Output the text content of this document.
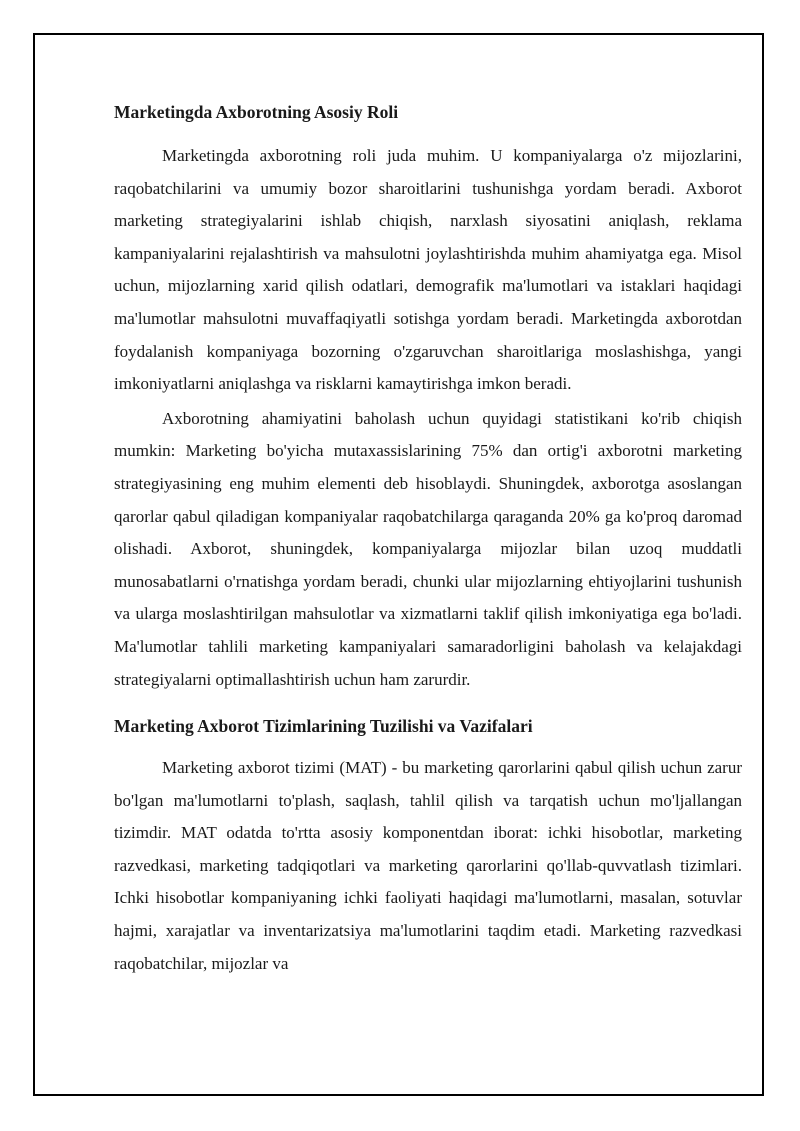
Marketingda Axborotning Asosiy Roli

Marketingda axborotning roli juda muhim. U kompaniyalarga o'z mijozlarini, raqobatchilarini va umumiy bozor sharoitlarini tushunishga yordam beradi. Axborot marketing strategiyalarini ishlab chiqish, narxlash siyosatini aniqlash, reklama kampaniyalarini rejalashtirish va mahsulotni joylashtirishda muhim ahamiyatga ega. Misol uchun, mijozlarning xarid qilish odatlari, demografik ma'lumotlari va istaklari haqidagi ma'lumotlar mahsulotni muvaffaqiyatli sotishga yordam beradi. Marketingda axborotdan foydalanish kompaniyaga bozorning o'zgaruvchan sharoitlariga moslashishga, yangi imkoniyatlarni aniqlashga va risklarni kamaytirishga imkon beradi.

Axborotning ahamiyatini baholash uchun quyidagi statistikani ko'rib chiqish mumkin: Marketing bo'yicha mutaxassislarining 75% dan ortig'i axborotni marketing strategiyasining eng muhim elementi deb hisoblaydi. Shuningdek, axborotga asoslangan qarorlar qabul qiladigan kompaniyalar raqobatchilarga qaraganda 20% ga ko'proq daromad olishadi. Axborot, shuningdek, kompaniyalarga mijozlar bilan uzoq muddatli munosabatlarni o'rnatishga yordam beradi, chunki ular mijozlarning ehtiyojlarini tushunish va ularga moslashtirilgan mahsulotlar va xizmatlarni taklif qilish imkoniyatiga ega bo'ladi. Ma'lumotlar tahlili marketing kampaniyalari samaradorligini baholash va kelajakdagi strategiyalarni optimallashtirish uchun ham zarurdir.

Marketing Axborot Tizimlarining Tuzilishi va Vazifalari

Marketing axborot tizimi (MAT) - bu marketing qarorlarini qabul qilish uchun zarur bo'lgan ma'lumotlarni to'plash, saqlash, tahlil qilish va tarqatish uchun mo'ljallangan tizimdir. MAT odatda to'rtta asosiy komponentdan iborat: ichki hisobotlar, marketing razvedkasi, marketing tadqiqotlari va marketing qarorlarini qo'llab-quvvatlash tizimlari. Ichki hisobotlar kompaniyaning ichki faoliyati haqidagi ma'lumotlarni, masalan, sotuvlar hajmi, xarajatlar va inventarizatsiya ma'lumotlarini taqdim etadi. Marketing razvedkasi raqobatchilar, mijozlar va
